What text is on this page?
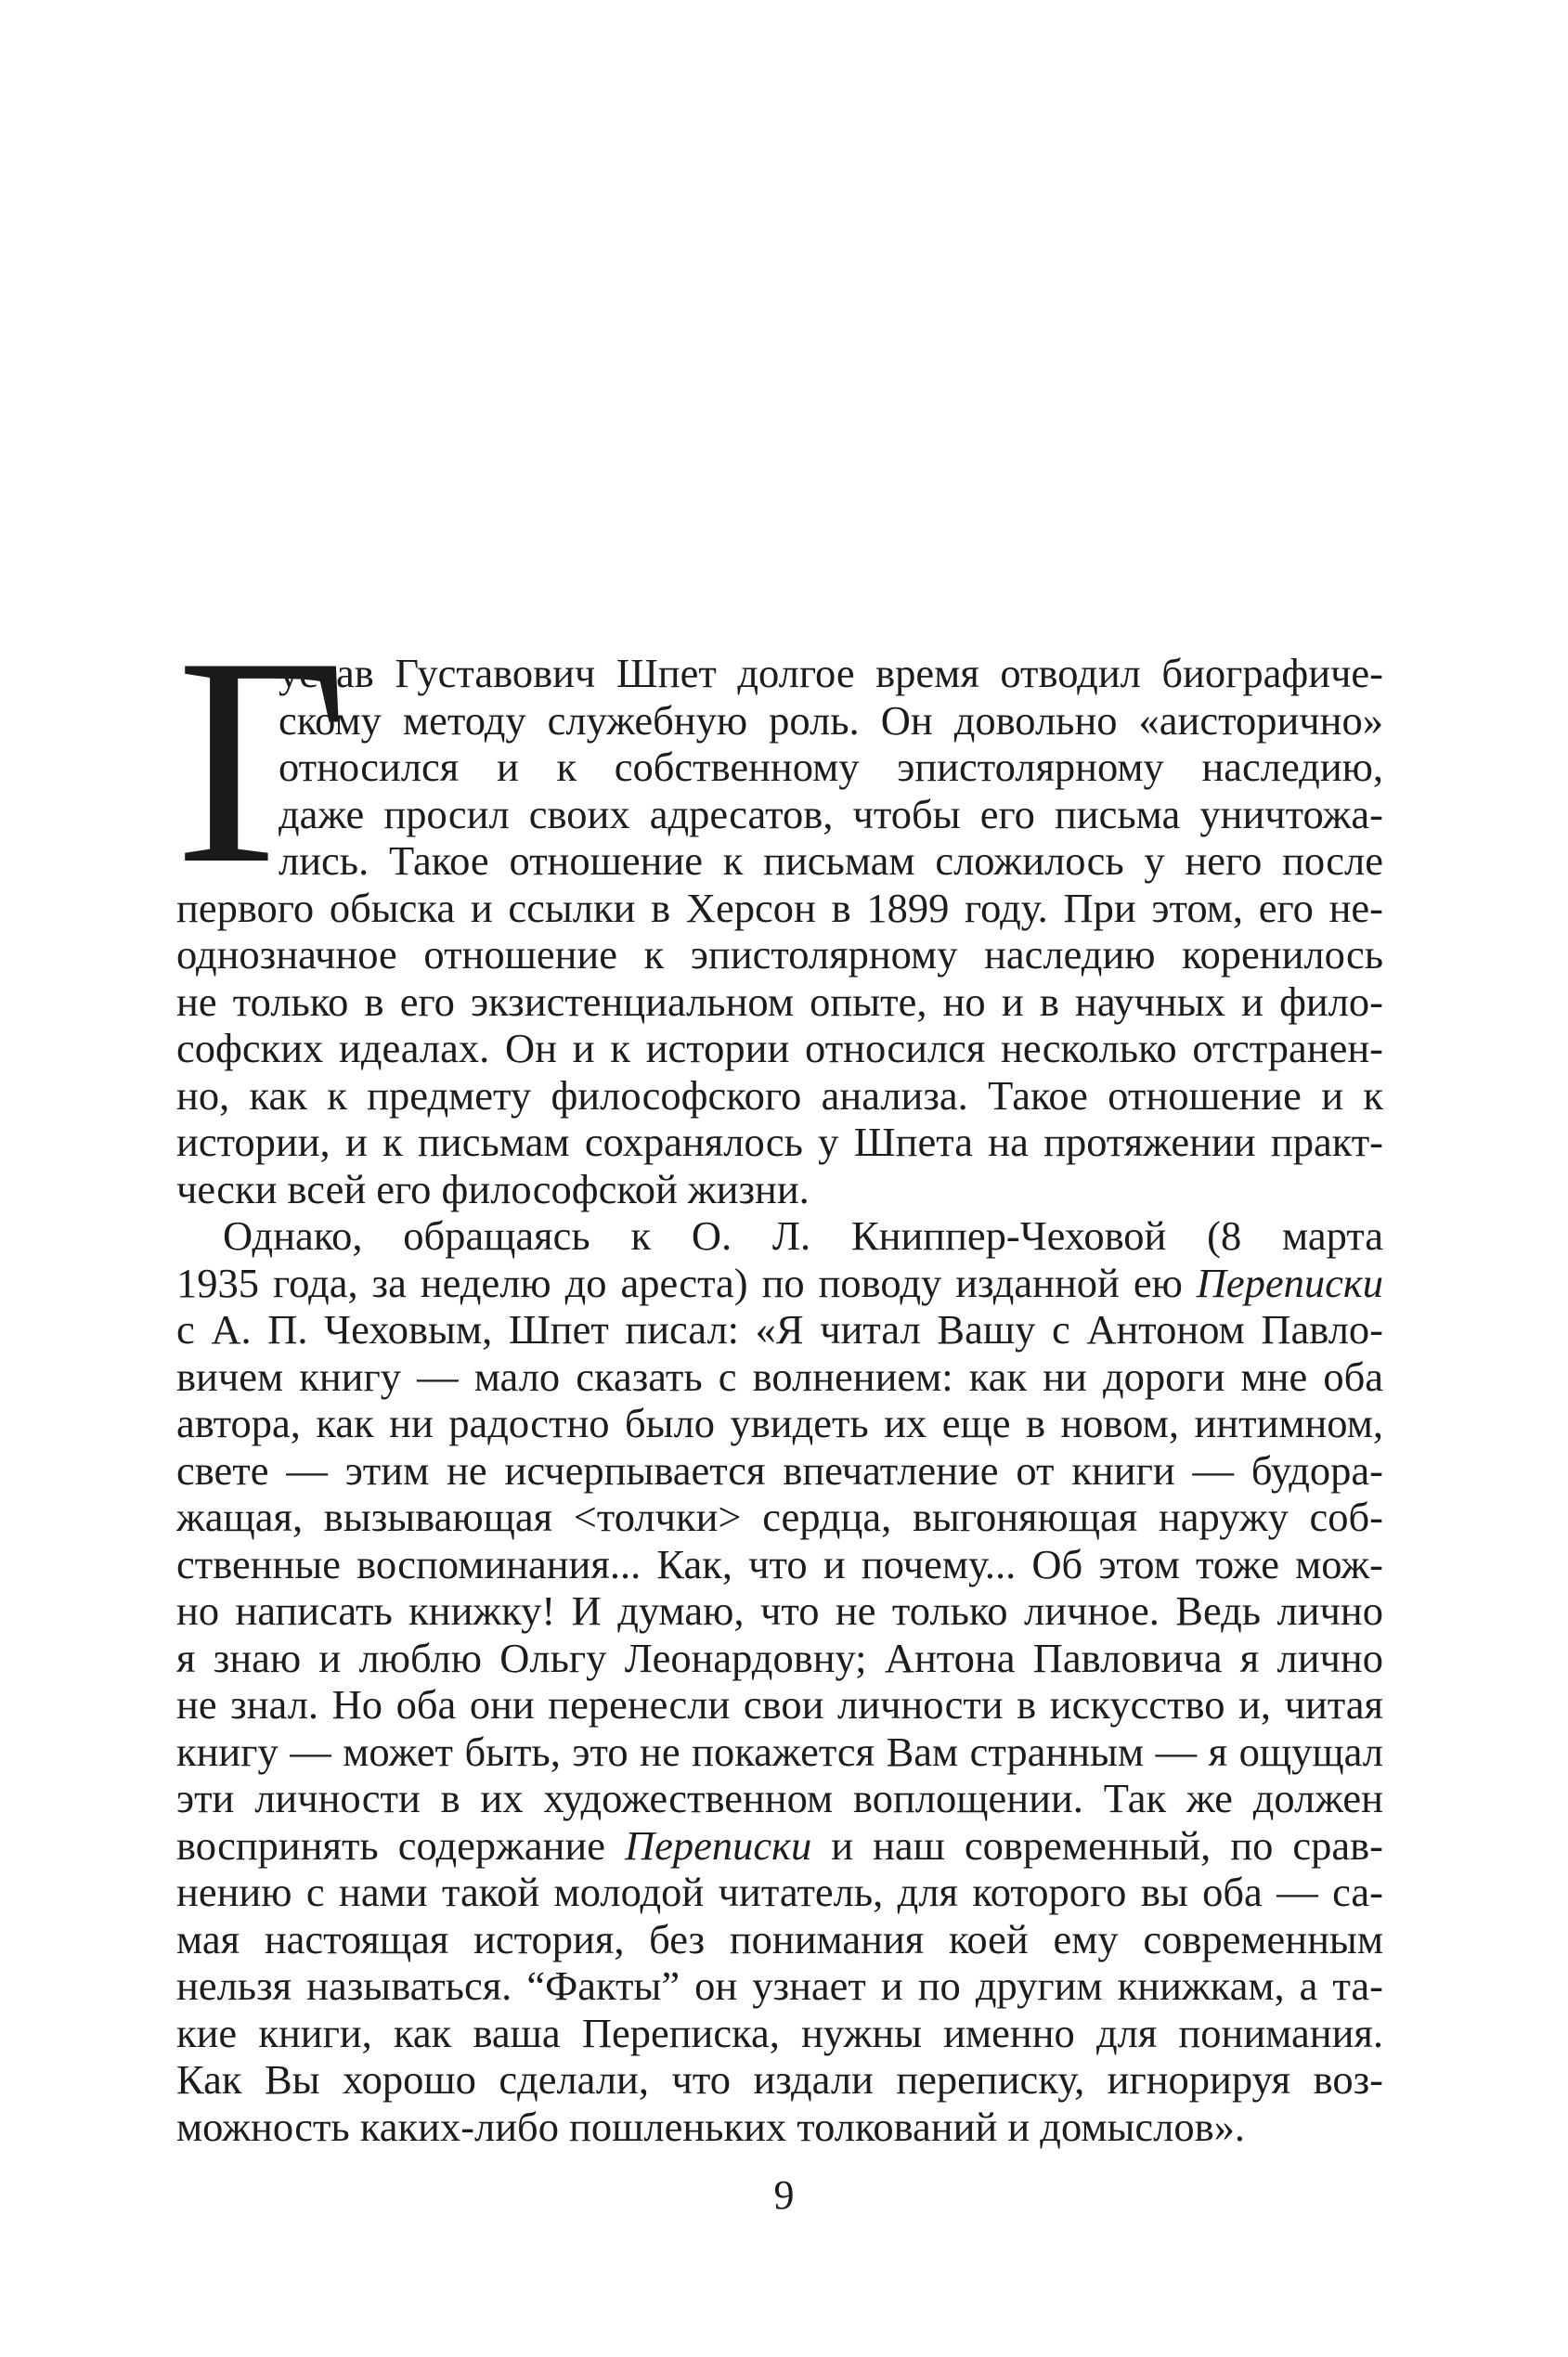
Г
устав Густавович Шпет долгое время отводил биографиче-
скому методу служебную роль. Он довольно «аисторично»
относился и к собственному эпистолярному наследию,
даже просил своих адресатов, чтобы его письма уничтожа-
лись. Такое отношение к письмам сложилось у него после
первого обыска и ссылки в Херсон в 1899 году. При этом, его не-
однозначное отношение к эпистолярному наследию коренилось
не только в его экзистенциальном опыте, но и в научных и фило-
софских идеалах. Он и к истории относился несколько отстранен-
но, как к предмету философского анализа. Такое отношение и к
истории, и к письмам сохранялось у Шпета на протяжении практ-
чески всей его философской жизни.
Однако, обращаясь к О. Л. Книппер-Чеховой (8 марта
1935 года, за неделю до ареста) по поводу изданной ею Переписки
с А. П. Чеховым, Шпет писал: «Я читал Вашу с Антоном Павло-
вичем книгу — мало сказать с волнением: как ни дороги мне оба
автора, как ни радостно было увидеть их еще в новом, интимном,
свете — этим не исчерпывается впечатление от книги — будора-
жащая, вызывающая <толчки> сердца, выгоняющая наружу соб-
ственные воспоминания... Как, что и почему... Об этом тоже мож-
но написать книжку! И думаю, что не только личное. Ведь лично
я знаю и люблю Ольгу Леонардовну; Антона Павловича я лично
не знал. Но оба они перенесли свои личности в искусство и, читая
книгу — может быть, это не покажется Вам странным — я ощущал
эти личности в их художественном воплощении. Так же должен
воспринять содержание Переписки и наш современный, по срав-
нению с нами такой молодой читатель, для которого вы оба — са-
мая настоящая история, без понимания коей ему современным
нельзя называться. “Факты” он узнает и по другим книжкам, а та-
кие книги, как ваша Переписка, нужны именно для понимания.
Как Вы хорошо сделали, что издали переписку, игнорируя воз-
можность каких-либо пошленьких толкований и домыслов».
9
